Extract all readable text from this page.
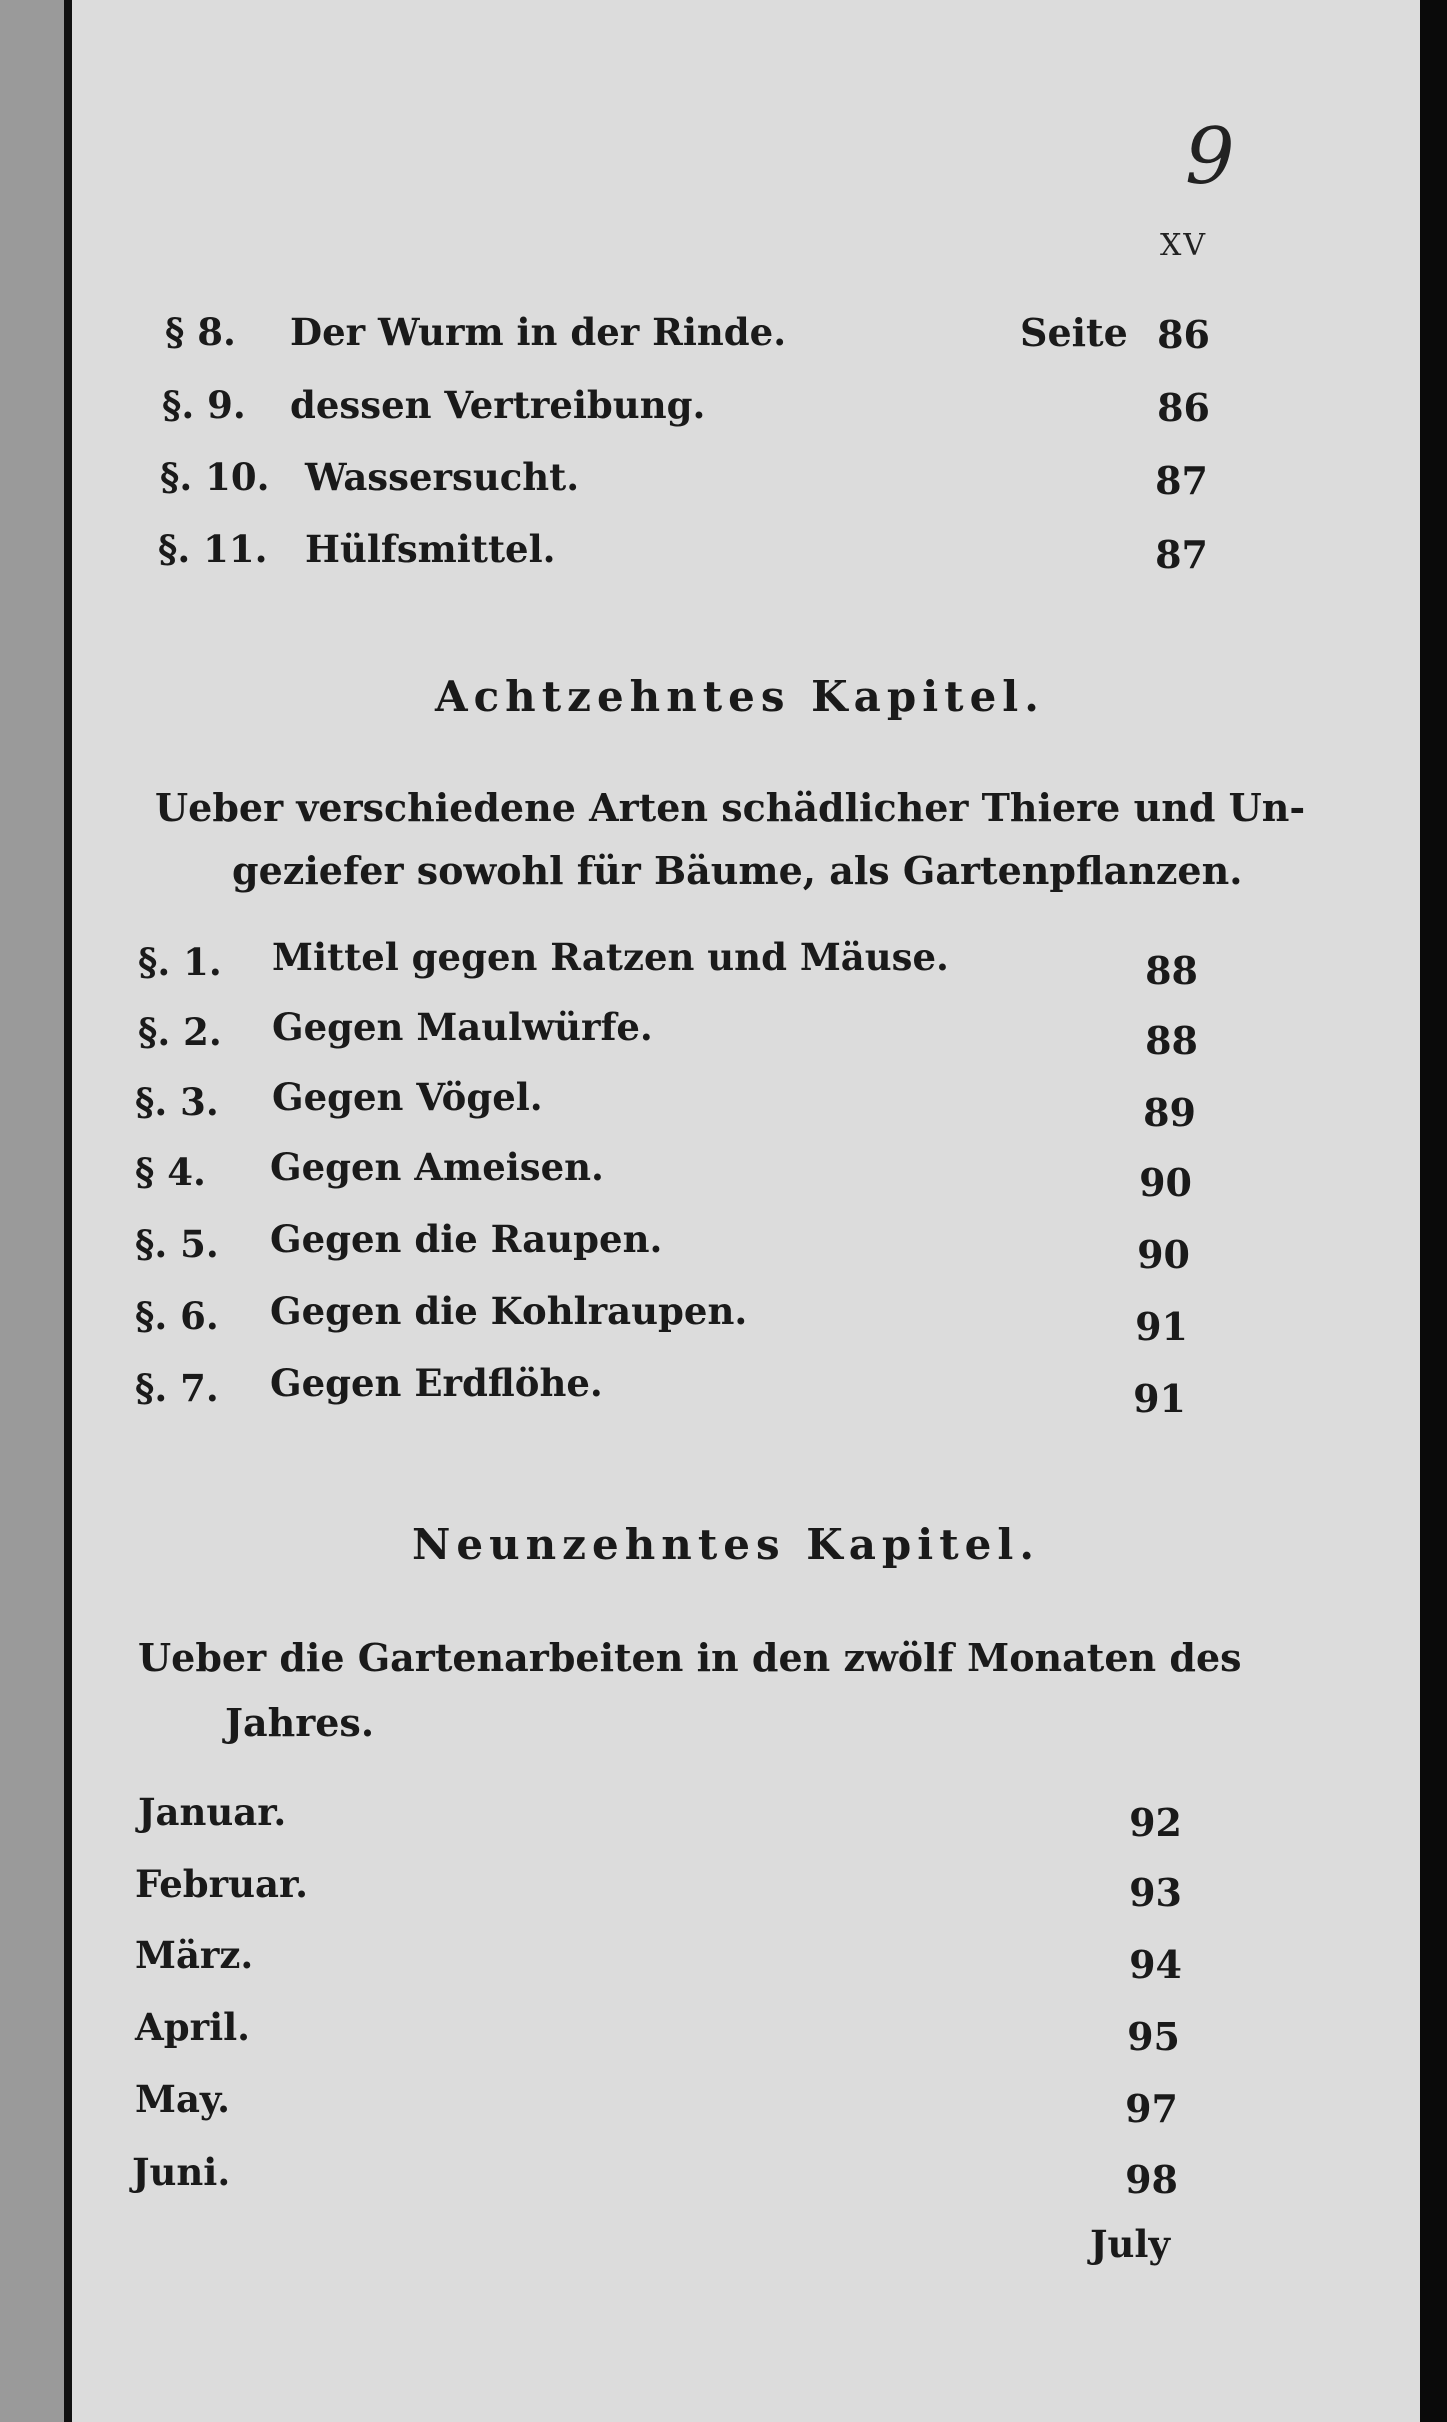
9
XV
§ 8. Der Wurm in der Rinde.	Seite 86
§. 9. dessen Vertreibung.	86
§. 10. Wassersucht.	87
§. 11. Hülfsmittel.	87
Achtzehntes Kapitel.
Ueber verschiedene Arten schädlicher Thiere und Un-
geziefer sowohl für Bäume, als Gartenpflanzen.
§. 1. Mittel gegen Ratzen und Mäuse.	88
§. 2. Gegen Maulwürfe.	88
§. 3. Gegen Vögel.	89
§ 4. Gegen Ameisen.	90
§. 5. Gegen die Raupen.	90
§. 6. Gegen die Kohlraupen.	91
§. 7. Gegen Erdflöhe.	91
Neunzehntes Kapitel.
Ueber die Gartenarbeiten in den zwölf Monaten des
Jahres.
Januar.	92
Februar.	93
März.	94
April.	95
May.	97
Juni.	98
July
